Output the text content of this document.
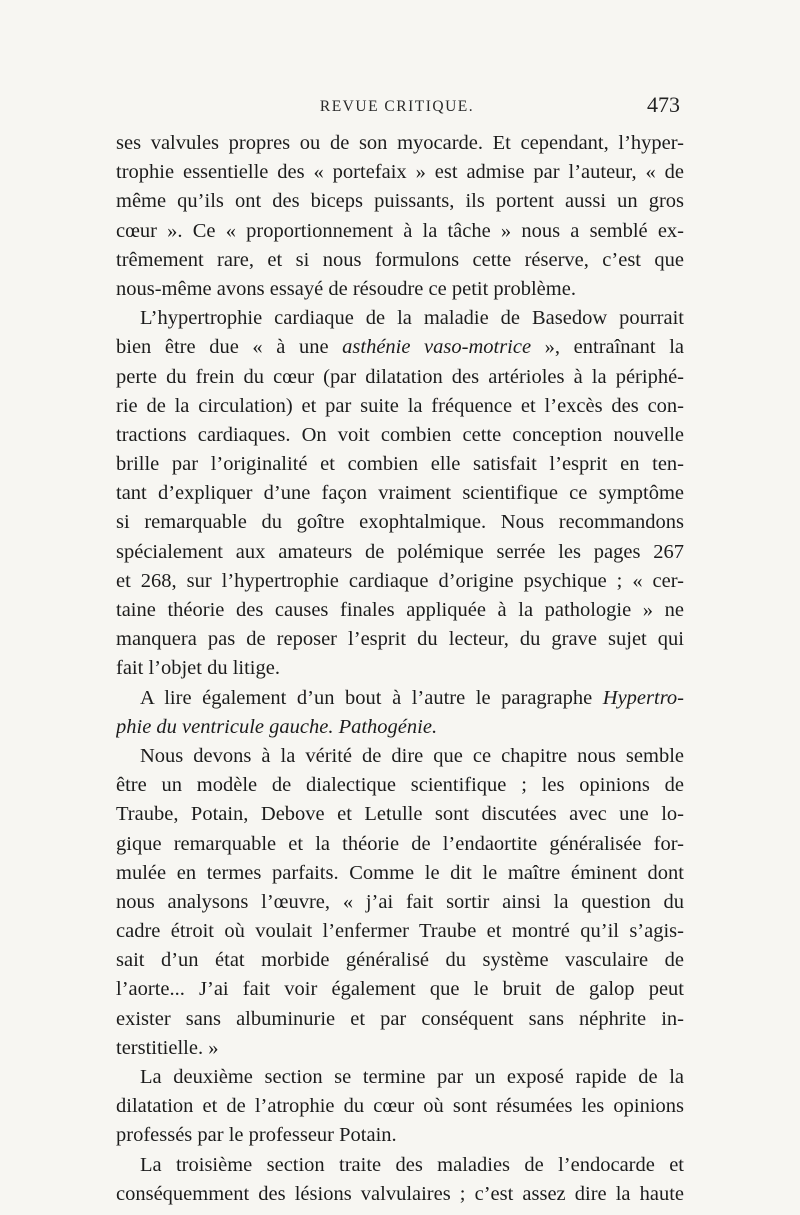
REVUE CRITIQUE.	473
ses valvules propres ou de son myocarde. Et cependant, l’hyper-
trophie essentielle des « portefaix » est admise par l’auteur, « de
même qu’ils ont des biceps puissants, ils portent aussi un gros
cœur ». Ce « proportionnement à la tâche » nous a semblé ex-
trêmement rare, et si nous formulons cette réserve, c’est que
nous-même avons essayé de résoudre ce petit problème.
L’hypertrophie cardiaque de la maladie de Basedow pourrait
bien être due « à une asthénie vaso-motrice », entraînant la
perte du frein du cœur (par dilatation des artérioles à la périphé-
rie de la circulation) et par suite la fréquence et l’excès des con-
tractions cardiaques. On voit combien cette conception nouvelle
brille par l’originalité et combien elle satisfait l’esprit en ten-
tant d’expliquer d’une façon vraiment scientifique ce symptôme
si remarquable du goître exophtalmique. Nous recommandons
spécialement aux amateurs de polémique serrée les pages 267
et 268, sur l’hypertrophie cardiaque d’origine psychique ; « cer-
taine théorie des causes finales appliquée à la pathologie » ne
manquera pas de reposer l’esprit du lecteur, du grave sujet qui
fait l’objet du litige.
A lire également d’un bout à l’autre le paragraphe Hypertro-
phie du ventricule gauche. Pathogénie.
Nous devons à la vérité de dire que ce chapitre nous semble
être un modèle de dialectique scientifique ; les opinions de
Traube, Potain, Debove et Letulle sont discutées avec une lo-
gique remarquable et la théorie de l’endaortite généralisée for-
mulée en termes parfaits. Comme le dit le maître éminent dont
nous analysons l’œuvre, « j’ai fait sortir ainsi la question du
cadre étroit où voulait l’enfermer Traube et montré qu’il s’agis-
sait d’un état morbide généralisé du système vasculaire de
l’aorte... J’ai fait voir également que le bruit de galop peut
exister sans albuminurie et par conséquent sans néphrite in-
terstitielle. »
La deuxième section se termine par un exposé rapide de la
dilatation et de l’atrophie du cœur où sont résumées les opinions
professés par le professeur Potain.
La troisième section traite des maladies de l’endocarde et
conséquemment des lésions valvulaires ; c’est assez dire la haute
